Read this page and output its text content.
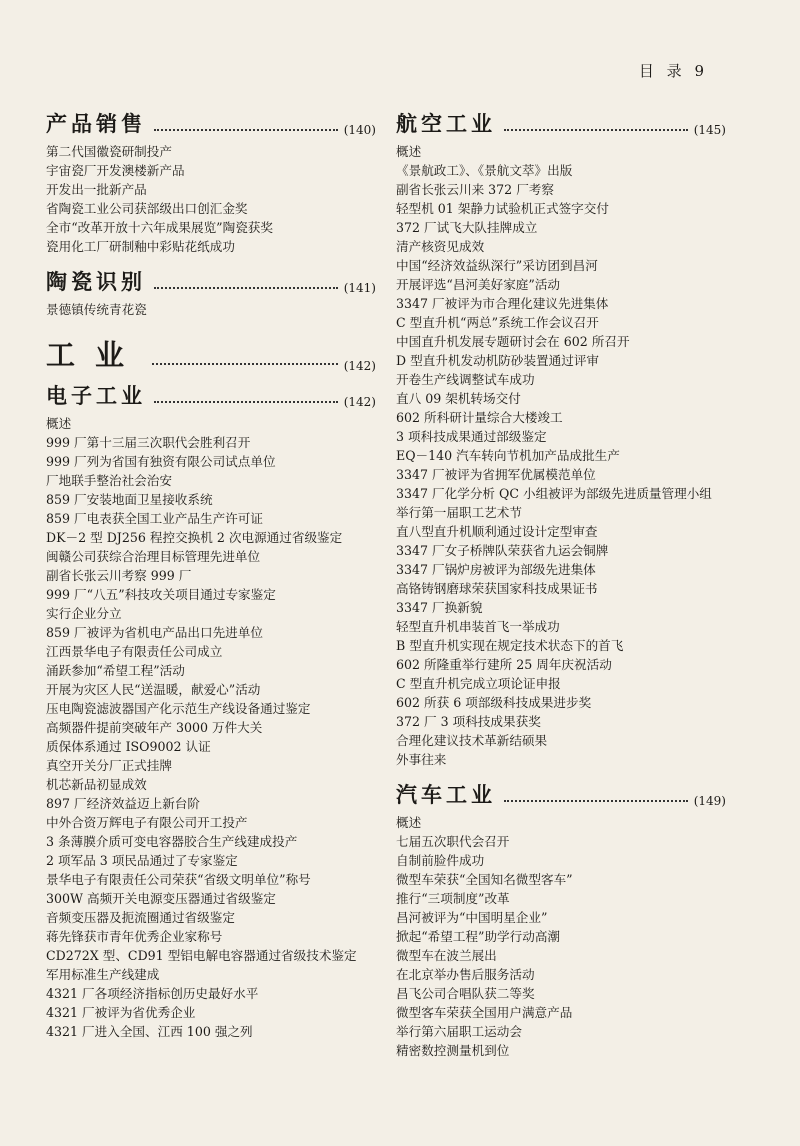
目 录 9
产品销售	(140)
第二代国徽瓷研制投产
宇宙瓷厂开发澳楼新产品
开发出一批新产品
省陶瓷工业公司获部级出口创汇金奖
全市“改革开放十六年成果展览”陶瓷获奖
瓷用化工厂研制釉中彩贴花纸成功
陶瓷识别	(141)
景德镇传统青花瓷
工业	(142)
电子工业	(142)
概述
999 厂第十三届三次职代会胜利召开
999 厂列为省国有独资有限公司试点单位
厂地联手整治社会治安
859 厂安装地面卫星接收系统
859 厂电表获全国工业产品生产许可证
DK－2 型 DJ256 程控交换机 2 次电源通过省级鉴定
闽赣公司获综合治理目标管理先进单位
副省长张云川考察 999 厂
999 厂“八五”科技攻关项目通过专家鉴定
实行企业分立
859 厂被评为省机电产品出口先进单位
江西景华电子有限责任公司成立
涌跃参加“希望工程”活动
开展为灾区人民“送温暖，献爱心”活动
压电陶瓷滤波器国产化示范生产线设备通过鉴定
高频器件提前突破年产 3000 万件大关
质保体系通过 ISO9002 认证
真空开关分厂正式挂牌
机芯新品初显成效
897 厂经济效益迈上新台阶
中外合资万辉电子有限公司开工投产
3 条薄膜介质可变电容器胶合生产线建成投产
2 项军品 3 项民品通过了专家鉴定
景华电子有限责任公司荣获“省级文明单位”称号
300W 高频开关电源变压器通过省级鉴定
音频变压器及扼流圈通过省级鉴定
蒋先锋获市青年优秀企业家称号
CD272X 型、CD91 型铝电解电容器通过省级技术鉴定
军用标准生产线建成
4321 厂各项经济指标创历史最好水平
4321 厂被评为省优秀企业
4321 厂进入全国、江西 100 强之列
航空工业	(145)
概述
《景航政工》、《景航文萃》出版
副省长张云川来 372 厂考察
轻型机 01 架静力试验机正式签字交付
372 厂试飞大队挂牌成立
清产核资见成效
中国“经济效益纵深行”采访团到昌河
开展评选“昌河美好家庭”活动
3347 厂被评为市合理化建议先进集体
C 型直升机“两总”系统工作会议召开
中国直升机发展专题研讨会在 602 所召开
D 型直升机发动机防砂装置通过评审
开卷生产线调整试车成功
直八 09 架机转场交付
602 所科研计量综合大楼竣工
3 项科技成果通过部级鉴定
EQ－140 汽车转向节机加产品成批生产
3347 厂被评为省拥军优属模范单位
3347 厂化学分析 QC 小组被评为部级先进质量管理小组
举行第一届职工艺术节
直八型直升机顺利通过设计定型审查
3347 厂女子桥牌队荣获省九运会铜牌
3347 厂锅炉房被评为部级先进集体
高铬铸钢磨球荣获国家科技成果证书
3347 厂换新貌
轻型直升机串装首飞一举成功
B 型直升机实现在规定技术状态下的首飞
602 所隆重举行建所 25 周年庆祝活动
C 型直升机完成立项论证申报
602 所获 6 项部级科技成果进步奖
372 厂 3 项科技成果获奖
合理化建议技术革新结硕果
外事往来
汽车工业	(149)
概述
七届五次职代会召开
自制前脸件成功
微型车荣获“全国知名微型客车”
推行“三项制度”改革
昌河被评为“中国明星企业”
掀起“希望工程”助学行动高潮
微型车在波兰展出
在北京举办售后服务活动
昌飞公司合唱队获二等奖
微型客车荣获全国用户满意产品
举行第六届职工运动会
精密数控测量机到位
